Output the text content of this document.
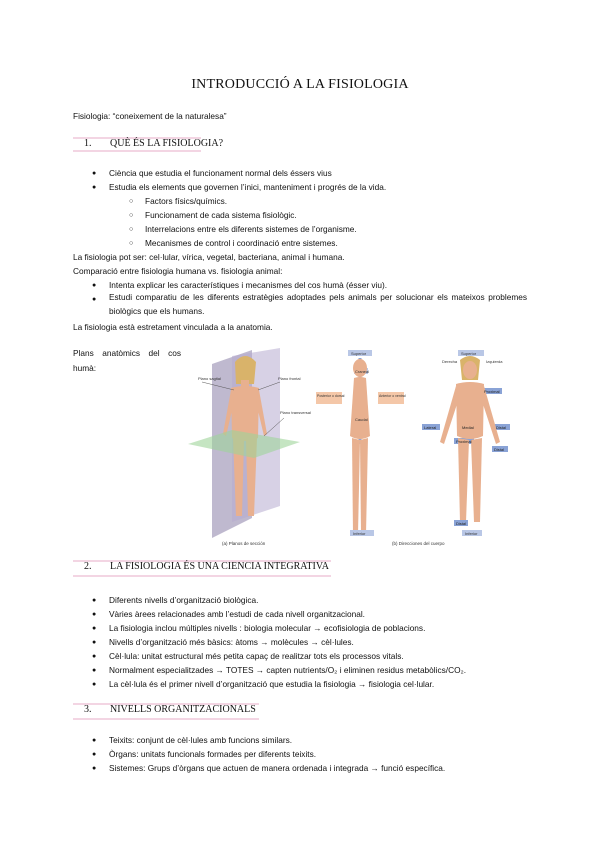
INTRODUCCIÓ A LA FISIOLOGIA
Fisiologia: “coneixement de la naturalesa”
1. QUÈ ÉS LA FISIOLOGIA?
● Ciència que estudia el funcionament normal dels éssers vius
● Estudia els elements que governen l’inici, manteniment i progrés de la vida.
○ Factors físics/químics.
○ Funcionament de cada sistema fisiològic.
○ Interrelacions entre els diferents sistemes de l’organisme.
○ Mecanismes de control i coordinació entre sistemes.
La fisiologia pot ser: cel·lular, vírica, vegetal, bacteriana, animal i humana.
Comparació entre fisiologia humana vs. fisiologia animal:
● Intenta explicar les característiques i mecanismes del cos humà (ésser viu).
● Estudi comparatiu de les diferents estratègies adoptades pels animals per solucionar els mateixos problemes biològics que els humans.
La fisiologia està estretament vinculada a la anatomia.
Plans anatòmics del cos humà:
Plano sagital	Plano frontal
Plano transversal
Superior
Craneal
Posterior o dorsal	Anterior o ventral
Caudal
Inferior
Derecha	Izquierda
Superior
Proximal
Lateral	Medial	Distal
Proximal
Distal
Distal
Inferior
(a) Planos de sección	(b) Direcciones del cuerpo
2. LA FISIOLOGIA ÉS UNA CIENCIA INTEGRATIVA
● Diferents nivells d’organització biològica.
● Vàries àrees relacionades amb l’estudi de cada nivell organitzacional.
● La fisiologia inclou múltiples nivells : biologia molecular → ecofisiologia de poblacions.
● Nivells d’organització més bàsics: àtoms → molècules → cèl·lules.
● Cèl·lula: unitat estructural més petita capaç de realitzar tots els processos vitals.
● Normalment especialitzades → TOTES → capten nutrients/O₂ i eliminen residus metabòlics/CO₂.
● La cèl·lula és el primer nivell d’organització que estudia la fisiologia → fisiologia cel·lular.
3. NIVELLS ORGANITZACIONALS
● Teixits: conjunt de cèl·lules amb funcions similars.
● Òrgans: unitats funcionals formades per diferents teixits.
● Sistemes: Grups d’òrgans que actuen de manera ordenada i integrada → funció específica.
